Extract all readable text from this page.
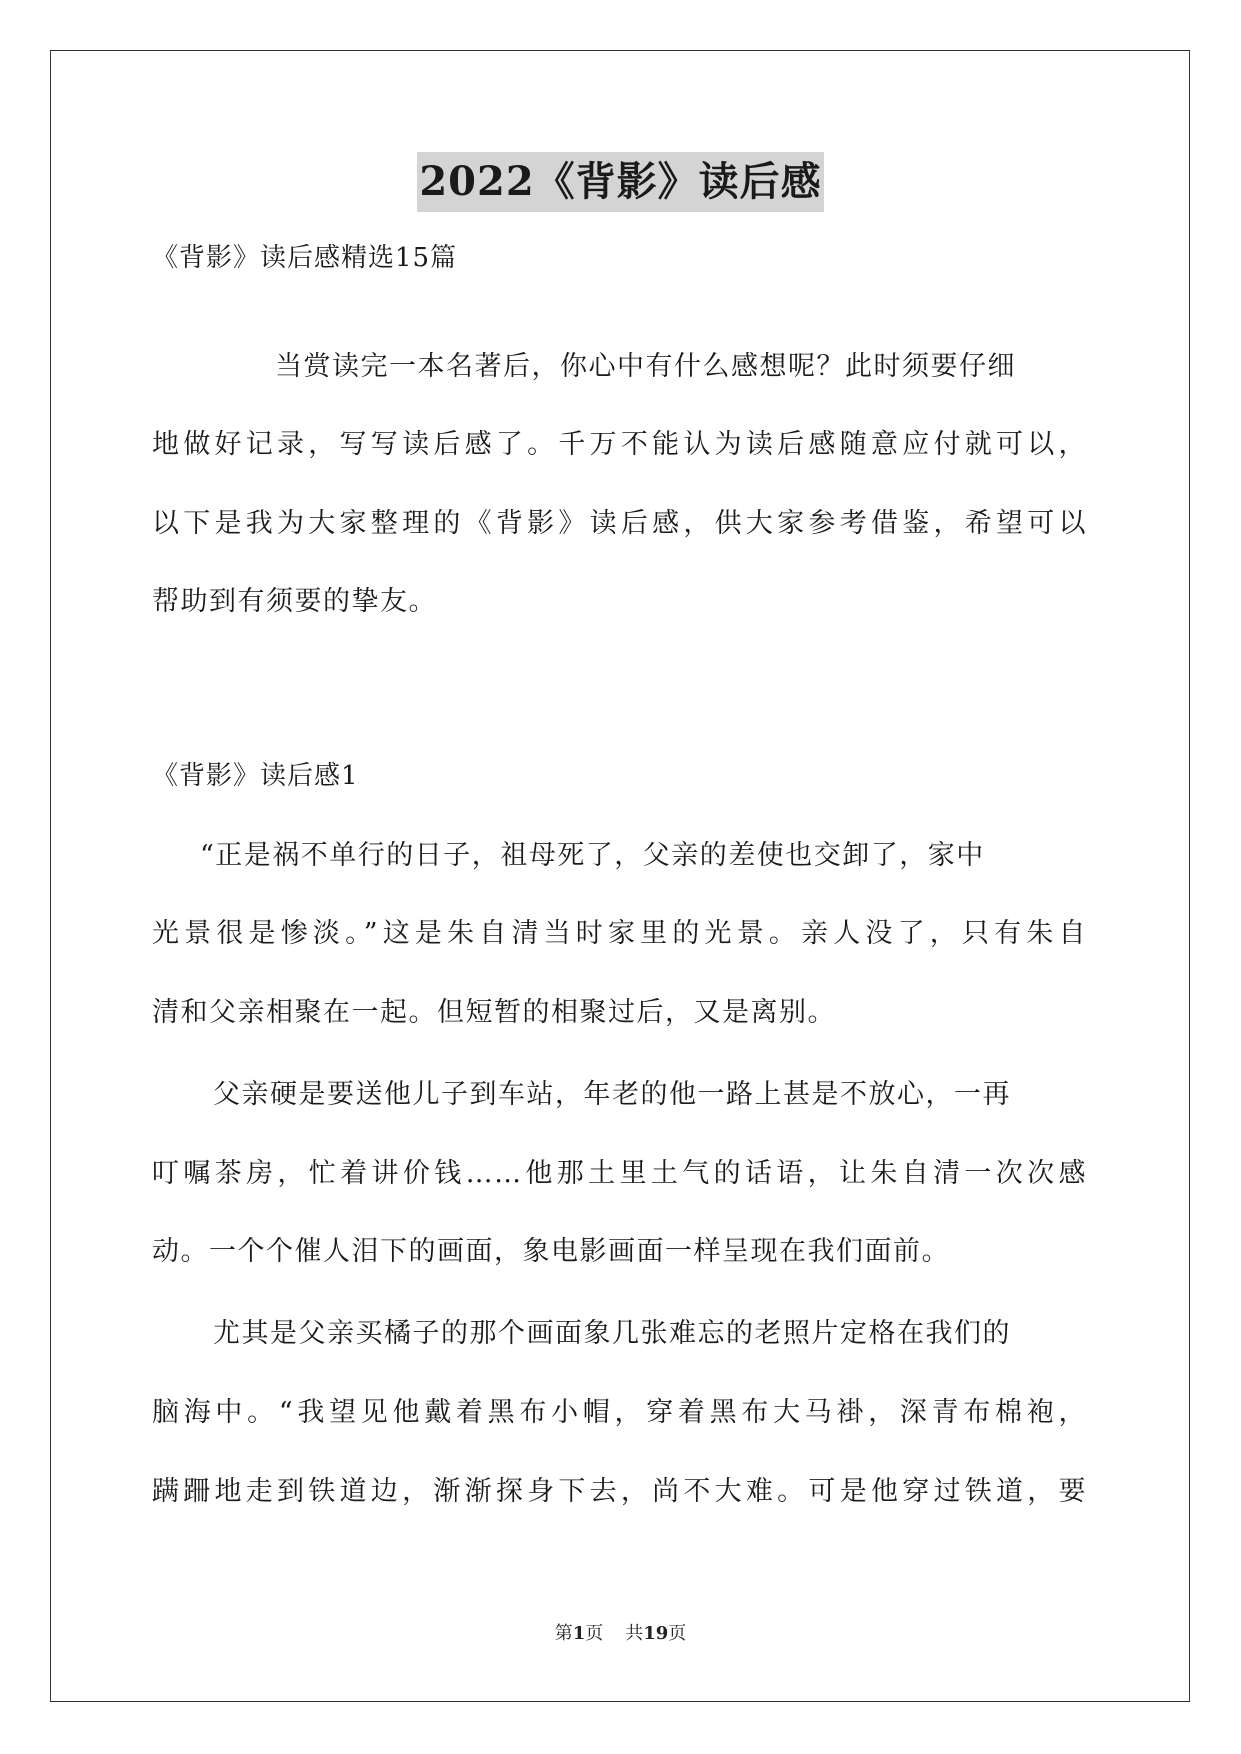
2022《背影》读后感
《背影》读后感精选15篇
当赏读完一本名著后，你心中有什么感想呢？此时须要仔细
地做好记录，写写读后感了。千万不能认为读后感随意应付就可以，
以下是我为大家整理的《背影》读后感，供大家参考借鉴，希望可以
帮助到有须要的挚友。
《背影》读后感1
“正是祸不单行的日子，祖母死了，父亲的差使也交卸了，家中
光景很是惨淡。”这是朱自清当时家里的光景。亲人没了，只有朱自
清和父亲相聚在一起。但短暂的相聚过后，又是离别。
父亲硬是要送他儿子到车站，年老的他一路上甚是不放心，一再
叮嘱茶房，忙着讲价钱……他那土里土气的话语，让朱自清一次次感
动。一个个催人泪下的画面，象电影画面一样呈现在我们面前。
尤其是父亲买橘子的那个画面象几张难忘的老照片定格在我们的
脑海中。“我望见他戴着黑布小帽，穿着黑布大马褂，深青布棉袍，
蹒跚地走到铁道边，渐渐探身下去，尚不大难。可是他穿过铁道，要
第1页 共19页
